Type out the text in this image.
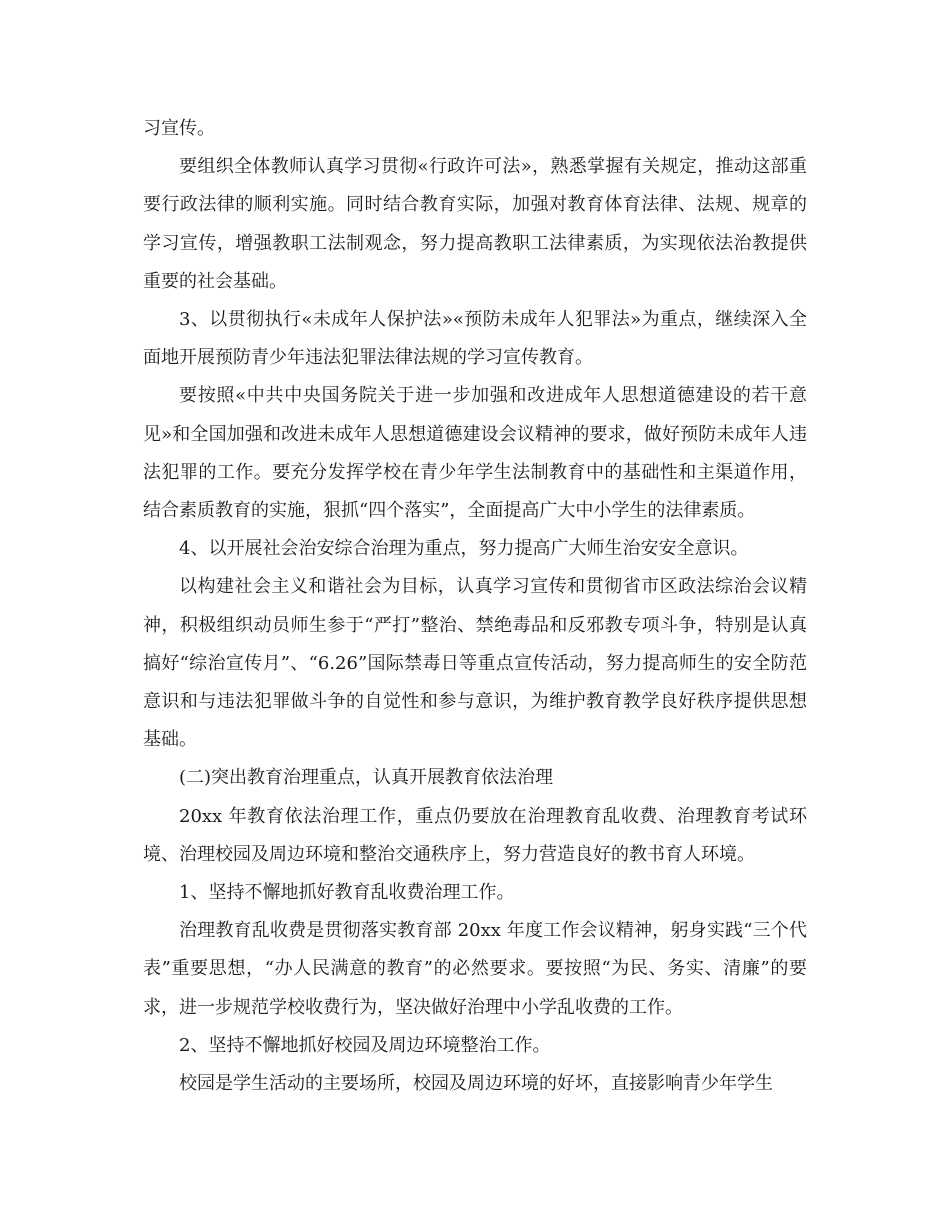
习宣传。

要组织全体教师认真学习贯彻«行政许可法»，熟悉掌握有关规定，推动这部重要行政法律的顺利实施。同时结合教育实际，加强对教育体育法律、法规、规章的学习宣传，增强教职工法制观念，努力提高教职工法律素质，为实现依法治教提供重要的社会基础。

3、以贯彻执行«未成年人保护法»«预防未成年人犯罪法»为重点，继续深入全面地开展预防青少年违法犯罪法律法规的学习宣传教育。

要按照«中共中央国务院关于进一步加强和改进成年人思想道德建设的若干意见»和全国加强和改进未成年人思想道德建设会议精神的要求，做好预防未成年人违法犯罪的工作。要充分发挥学校在青少年学生法制教育中的基础性和主渠道作用，结合素质教育的实施，狠抓“四个落实”，全面提高广大中小学生的法律素质。

4、以开展社会治安综合治理为重点，努力提高广大师生治安安全意识。

以构建社会主义和谐社会为目标，认真学习宣传和贯彻省市区政法综治会议精神，积极组织动员师生参于“严打”整治、禁绝毒品和反邪教专项斗争，特别是认真搞好“综治宣传月”、“6.26”国际禁毒日等重点宣传活动，努力提高师生的安全防范意识和与违法犯罪做斗争的自觉性和参与意识，为维护教育教学良好秩序提供思想基础。

(二)突出教育治理重点，认真开展教育依法治理

20xx 年教育依法治理工作，重点仍要放在治理教育乱收费、治理教育考试环境、治理校园及周边环境和整治交通秩序上，努力营造良好的教书育人环境。

1、坚持不懈地抓好教育乱收费治理工作。

治理教育乱收费是贯彻落实教育部 20xx 年度工作会议精神，躬身实践“三个代表”重要思想，“办人民满意的教育”的必然要求。要按照“为民、务实、清廉”的要求，进一步规范学校收费行为，坚决做好治理中小学乱收费的工作。

2、坚持不懈地抓好校园及周边环境整治工作。

校园是学生活动的主要场所，校园及周边环境的好坏，直接影响青少年学生
